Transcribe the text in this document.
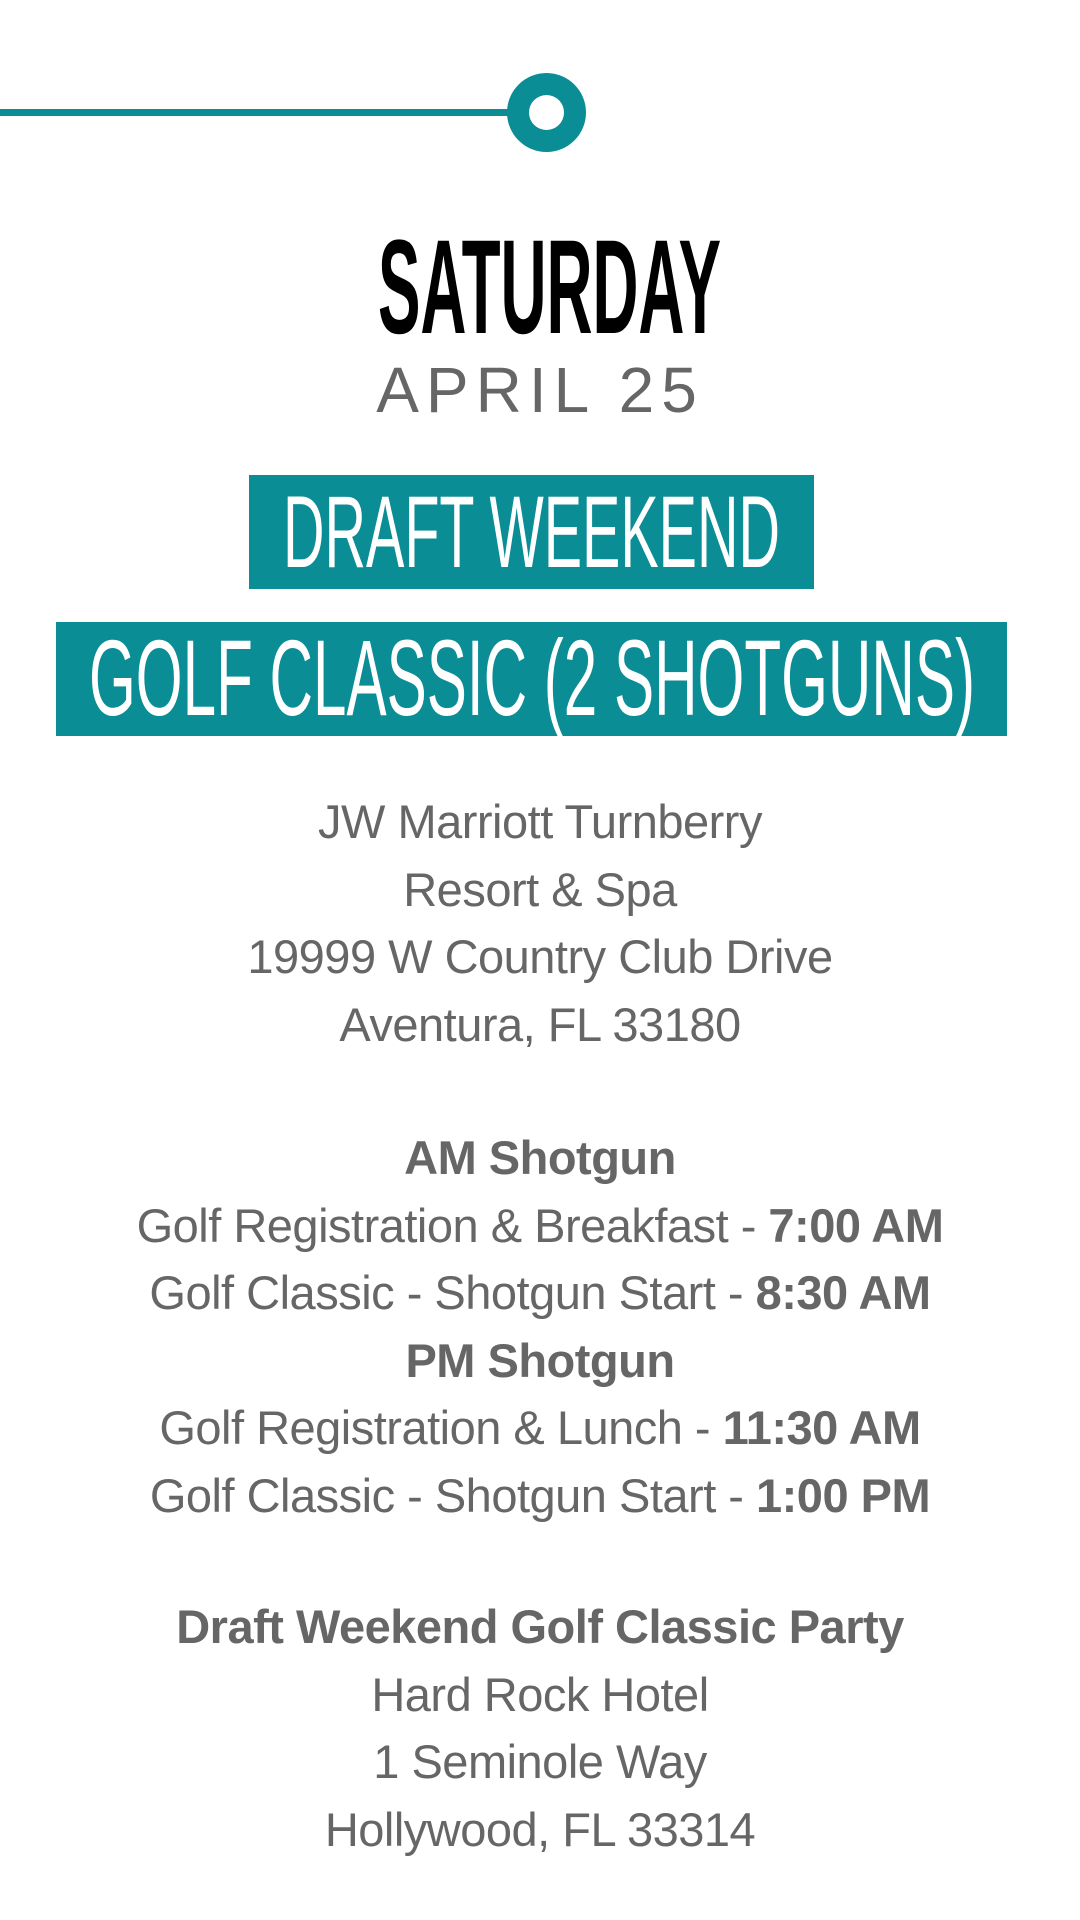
SATURDAY
APRIL 25
DRAFT WEEKEND
GOLF CLASSIC (2 SHOTGUNS)
JW Marriott Turnberry
Resort & Spa
19999 W Country Club Drive
Aventura, FL 33180
AM Shotgun
Golf Registration & Breakfast - 7:00 AM
Golf Classic - Shotgun Start - 8:30 AM
PM Shotgun
Golf Registration & Lunch - 11:30 AM
Golf Classic - Shotgun Start - 1:00 PM
Draft Weekend Golf Classic Party
Hard Rock Hotel
1 Seminole Way
Hollywood, FL 33314
